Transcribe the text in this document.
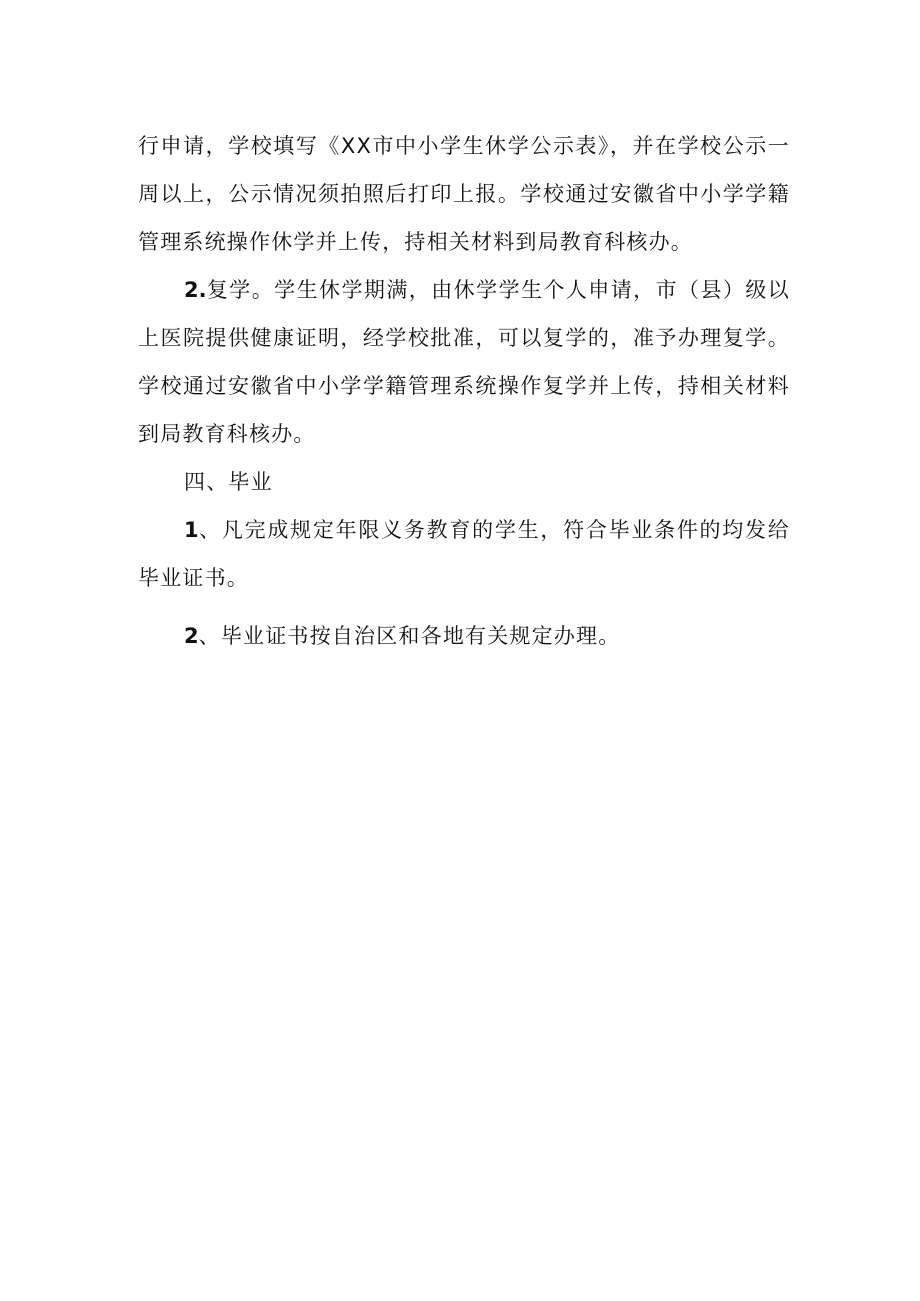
行申请，学校填写《XX市中小学生休学公示表》，并在学校公示一周以上，公示情况须拍照后打印上报。学校通过安徽省中小学学籍管理系统操作休学并上传，持相关材料到局教育科核办。

2.复学。学生休学期满，由休学学生个人申请，市（县）级以上医院提供健康证明，经学校批准，可以复学的，准予办理复学。学校通过安徽省中小学学籍管理系统操作复学并上传，持相关材料到局教育科核办。

四、毕业

1、凡完成规定年限义务教育的学生，符合毕业条件的均发给毕业证书。

2、毕业证书按自治区和各地有关规定办理。
